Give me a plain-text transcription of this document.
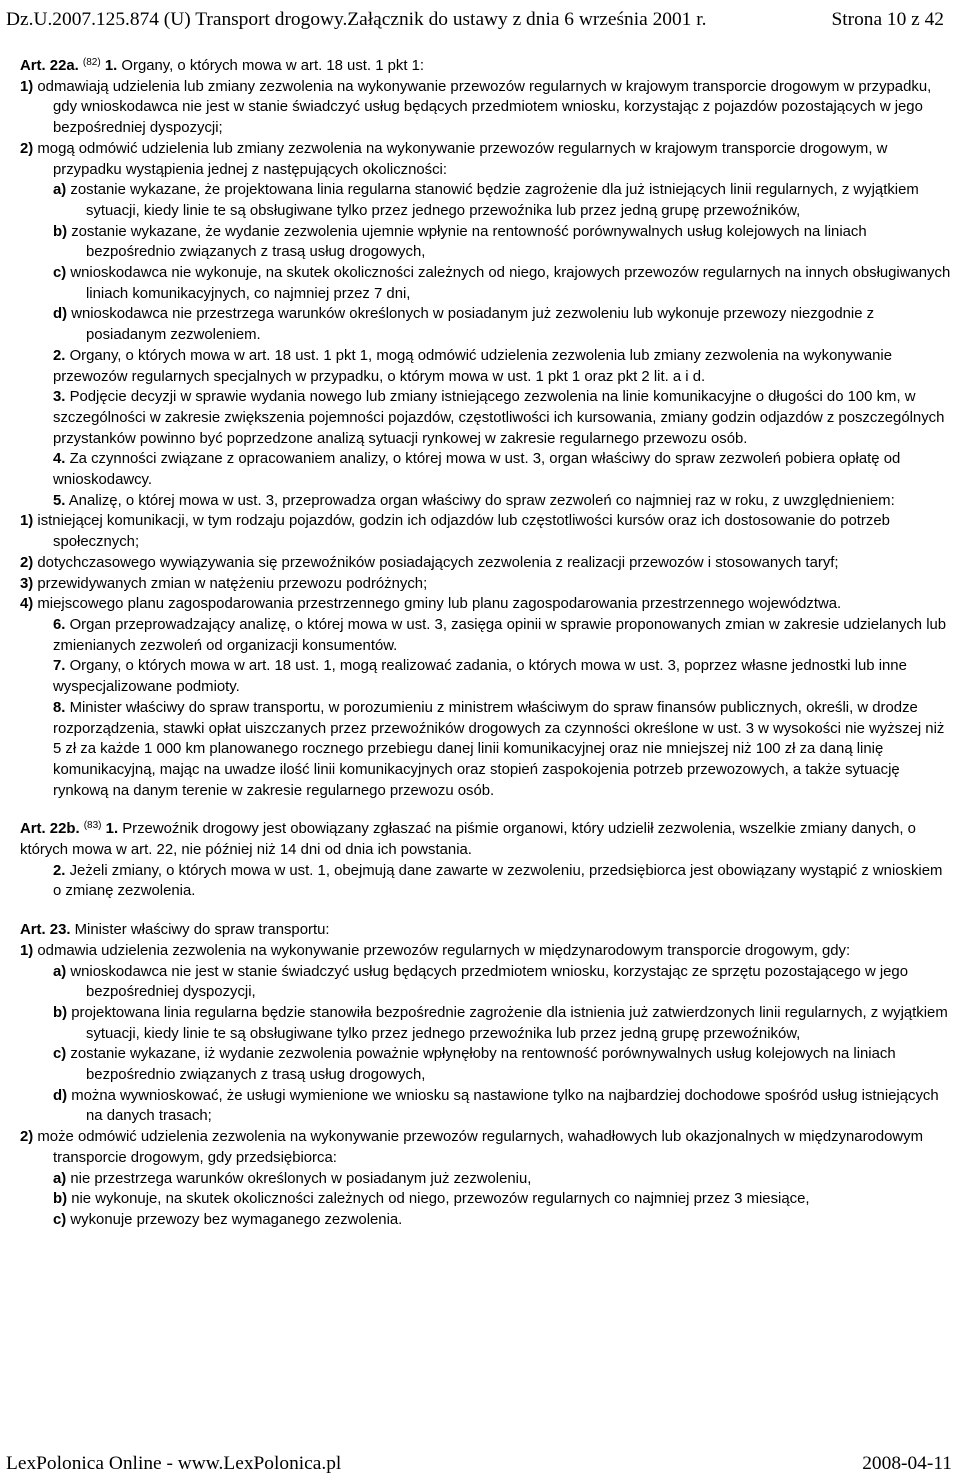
Dz.U.2007.125.874 (U) Transport drogowy.Załącznik do ustawy z dnia 6 września 2001 r.	Strona 10 z 42

Art. 22a. $^{(82)}$ 1. Organy, o których mowa w art. 18 ust. 1 pkt 1:

1) odmawiają udzielenia lub zmiany zezwolenia na wykonywanie przewozów regularnych w krajowym transporcie drogowym w przypadku, gdy wnioskodawca nie jest w stanie świadczyć usług będących przedmiotem wniosku, korzystając z pojazdów pozostających w jego bezpośredniej dyspozycji;

2) mogą odmówić udzielenia lub zmiany zezwolenia na wykonywanie przewozów regularnych w krajowym transporcie drogowym, w przypadku wystąpienia jednej z następujących okoliczności:

a) zostanie wykazane, że projektowana linia regularna stanowić będzie zagrożenie dla już istniejących linii regularnych, z wyjątkiem sytuacji, kiedy linie te są obsługiwane tylko przez jednego przewoźnika lub przez jedną grupę przewoźników,

b) zostanie wykazane, że wydanie zezwolenia ujemnie wpłynie na rentowność porównywalnych usług kolejowych na liniach bezpośrednio związanych z trasą usług drogowych,

c) wnioskodawca nie wykonuje, na skutek okoliczności zależnych od niego, krajowych przewozów regularnych na innych obsługiwanych liniach komunikacyjnych, co najmniej przez 7 dni,

d) wnioskodawca nie przestrzega warunków określonych w posiadanym już zezwoleniu lub wykonuje przewozy niezgodnie z posiadanym zezwoleniem.

2. Organy, o których mowa w art. 18 ust. 1 pkt 1, mogą odmówić udzielenia zezwolenia lub zmiany zezwolenia na wykonywanie przewozów regularnych specjalnych w przypadku, o którym mowa w ust. 1 pkt 1 oraz pkt 2 lit. a i d.

3. Podjęcie decyzji w sprawie wydania nowego lub zmiany istniejącego zezwolenia na linie komunikacyjne o długości do 100 km, w szczególności w zakresie zwiększenia pojemności pojazdów, częstotliwości ich kursowania, zmiany godzin odjazdów z poszczególnych przystanków powinno być poprzedzone analizą sytuacji rynkowej w zakresie regularnego przewozu osób.

4. Za czynności związane z opracowaniem analizy, o której mowa w ust. 3, organ właściwy do spraw zezwoleń pobiera opłatę od wnioskodawcy.

5. Analizę, o której mowa w ust. 3, przeprowadza organ właściwy do spraw zezwoleń co najmniej raz w roku, z uwzględnieniem:

1) istniejącej komunikacji, w tym rodzaju pojazdów, godzin ich odjazdów lub częstotliwości kursów oraz ich dostosowanie do potrzeb społecznych;

2) dotychczasowego wywiązywania się przewoźników posiadających zezwolenia z realizacji przewozów i stosowanych taryf;

3) przewidywanych zmian w natężeniu przewozu podróżnych;

4) miejscowego planu zagospodarowania przestrzennego gminy lub planu zagospodarowania przestrzennego województwa.

6. Organ przeprowadzający analizę, o której mowa w ust. 3, zasięga opinii w sprawie proponowanych zmian w zakresie udzielanych lub zmienianych zezwoleń od organizacji konsumentów.

7. Organy, o których mowa w art. 18 ust. 1, mogą realizować zadania, o których mowa w ust. 3, poprzez własne jednostki lub inne wyspecjalizowane podmioty.

8. Minister właściwy do spraw transportu, w porozumieniu z ministrem właściwym do spraw finansów publicznych, określi, w drodze rozporządzenia, stawki opłat uiszczanych przez przewoźników drogowych za czynności określone w ust. 3 w wysokości nie wyższej niż 5 zł za każde 1 000 km planowanego rocznego przebiegu danej linii komunikacyjnej oraz nie mniejszej niż 100 zł za daną linię komunikacyjną, mając na uwadze ilość linii komunikacyjnych oraz stopień zaspokojenia potrzeb przewozowych, a także sytuację rynkową na danym terenie w zakresie regularnego przewozu osób.

Art. 22b. $^{(83)}$ 1. Przewoźnik drogowy jest obowiązany zgłaszać na piśmie organowi, który udzielił zezwolenia, wszelkie zmiany danych, o których mowa w art. 22, nie później niż 14 dni od dnia ich powstania.

2. Jeżeli zmiany, o których mowa w ust. 1, obejmują dane zawarte w zezwoleniu, przedsiębiorca jest obowiązany wystąpić z wnioskiem o zmianę zezwolenia.

Art. 23. Minister właściwy do spraw transportu:

1) odmawia udzielenia zezwolenia na wykonywanie przewozów regularnych w międzynarodowym transporcie drogowym, gdy:

a) wnioskodawca nie jest w stanie świadczyć usług będących przedmiotem wniosku, korzystając ze sprzętu pozostającego w jego bezpośredniej dyspozycji,

b) projektowana linia regularna będzie stanowiła bezpośrednie zagrożenie dla istnienia już zatwierdzonych linii regularnych, z wyjątkiem sytuacji, kiedy linie te są obsługiwane tylko przez jednego przewoźnika lub przez jedną grupę przewoźników,

c) zostanie wykazane, iż wydanie zezwolenia poważnie wpłynęłoby na rentowność porównywalnych usług kolejowych na liniach bezpośrednio związanych z trasą usług drogowych,

d) można wywnioskować, że usługi wymienione we wniosku są nastawione tylko na najbardziej dochodowe spośród usług istniejących na danych trasach;

2) może odmówić udzielenia zezwolenia na wykonywanie przewozów regularnych, wahadłowych lub okazjonalnych w międzynarodowym transporcie drogowym, gdy przedsiębiorca:

a) nie przestrzega warunków określonych w posiadanym już zezwoleniu,

b) nie wykonuje, na skutek okoliczności zależnych od niego, przewozów regularnych co najmniej przez 3 miesiące,

c) wykonuje przewozy bez wymaganego zezwolenia.

LexPolonica Online - www.LexPolonica.pl	2008-04-11
